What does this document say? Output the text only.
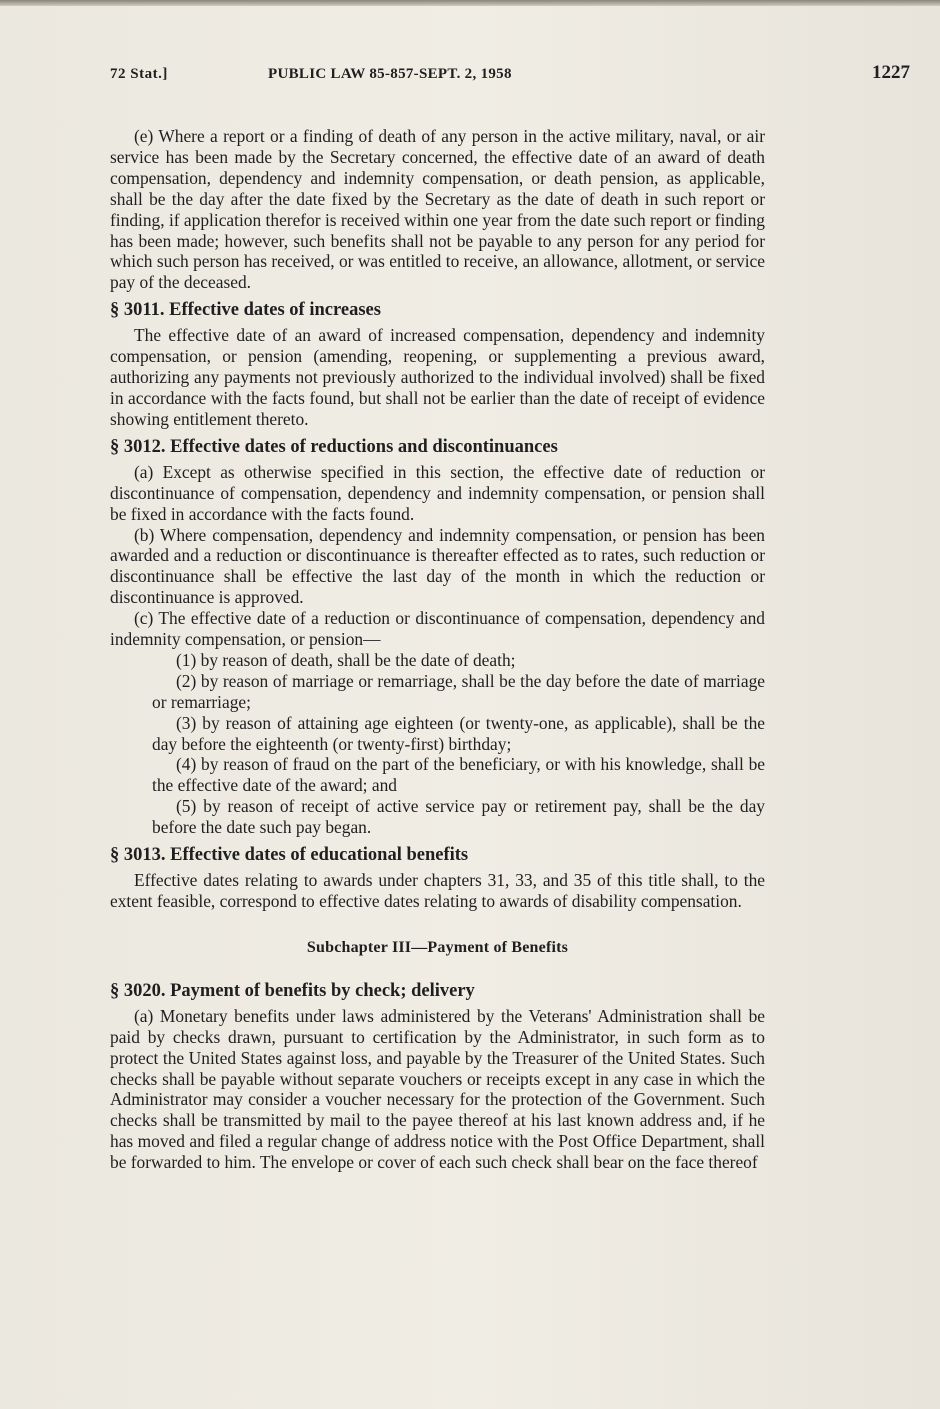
72 Stat.]	PUBLIC LAW 85-857-SEPT. 2, 1958	1227

(e) Where a report or a finding of death of any person in the active military, naval, or air service has been made by the Secretary concerned, the effective date of an award of death compensation, dependency and indemnity compensation, or death pension, as applicable, shall be the day after the date fixed by the Secretary as the date of death in such report or finding, if application therefor is received within one year from the date such report or finding has been made; however, such benefits shall not be payable to any person for any period for which such person has received, or was entitled to receive, an allowance, allotment, or service pay of the deceased.

§ 3011. Effective dates of increases

The effective date of an award of increased compensation, dependency and indemnity compensation, or pension (amending, reopening, or supplementing a previous award, authorizing any payments not previously authorized to the individual involved) shall be fixed in accordance with the facts found, but shall not be earlier than the date of receipt of evidence showing entitlement thereto.

§ 3012. Effective dates of reductions and discontinuances

(a) Except as otherwise specified in this section, the effective date of reduction or discontinuance of compensation, dependency and indemnity compensation, or pension shall be fixed in accordance with the facts found.

(b) Where compensation, dependency and indemnity compensation, or pension has been awarded and a reduction or discontinuance is thereafter effected as to rates, such reduction or discontinuance shall be effective the last day of the month in which the reduction or discontinuance is approved.

(c) The effective date of a reduction or discontinuance of compensation, dependency and indemnity compensation, or pension—

(1) by reason of death, shall be the date of death;

(2) by reason of marriage or remarriage, shall be the day before the date of marriage or remarriage;

(3) by reason of attaining age eighteen (or twenty-one, as applicable), shall be the day before the eighteenth (or twenty-first) birthday;

(4) by reason of fraud on the part of the beneficiary, or with his knowledge, shall be the effective date of the award; and

(5) by reason of receipt of active service pay or retirement pay, shall be the day before the date such pay began.

§ 3013. Effective dates of educational benefits

Effective dates relating to awards under chapters 31, 33, and 35 of this title shall, to the extent feasible, correspond to effective dates relating to awards of disability compensation.

Subchapter III—Payment of Benefits
§ 3020. Payment of benefits by check; delivery

(a) Monetary benefits under laws administered by the Veterans' Administration shall be paid by checks drawn, pursuant to certification by the Administrator, in such form as to protect the United States against loss, and payable by the Treasurer of the United States. Such checks shall be payable without separate vouchers or receipts except in any case in which the Administrator may consider a voucher necessary for the protection of the Government. Such checks shall be transmitted by mail to the payee thereof at his last known address and, if he has moved and filed a regular change of address notice with the Post Office Department, shall be forwarded to him. The envelope or cover of each such check shall bear on the face thereof
